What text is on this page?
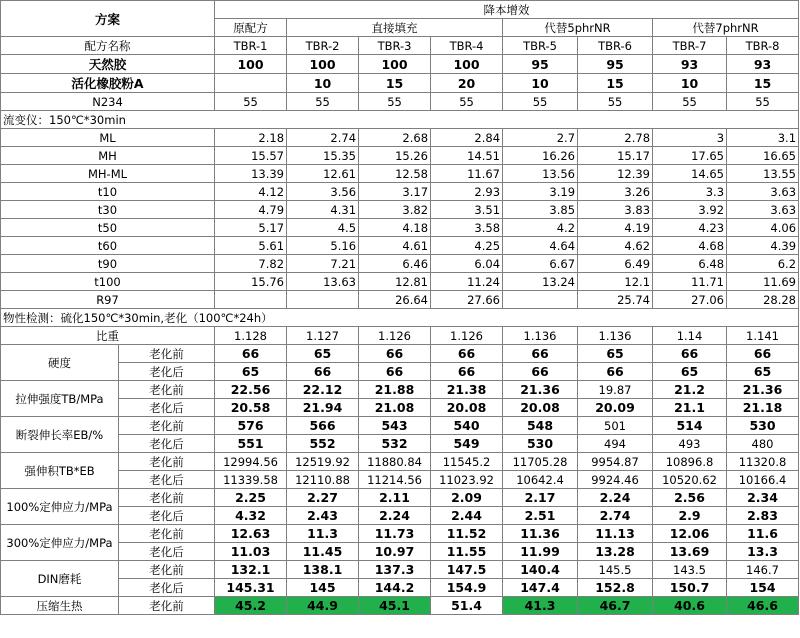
方案		降本增效							
		原配方	直接填充			代替5phrNR		代替7phrNR	
配方名称		TBR-1	TBR-2	TBR-3	TBR-4	TBR-5	TBR-6	TBR-7	TBR-8
天然胶		100	100	100	100	95	95	93	93
活化橡胶粉A			10	15	20	10	15	10	15
N234		55	55	55	55	55	55	55	55
流变仪：150℃*30min									
ML		2.18	2.74	2.68	2.84	2.7	2.78	3	3.1
MH		15.57	15.35	15.26	14.51	16.26	15.17	17.65	16.65
MH-ML		13.39	12.61	12.58	11.67	13.56	12.39	14.65	13.55
t10		4.12	3.56	3.17	2.93	3.19	3.26	3.3	3.63
t30		4.79	4.31	3.82	3.51	3.85	3.83	3.92	3.63
t50		5.17	4.5	4.18	3.58	4.2	4.19	4.23	4.06
t60		5.61	5.16	4.61	4.25	4.64	4.62	4.68	4.39
t90		7.82	7.21	6.46	6.04	6.67	6.49	6.48	6.2
t100		15.76	13.63	12.81	11.24	13.24	12.1	11.71	11.69
R97				26.64	27.66		25.74	27.06	28.28
物性检测：硫化150℃*30min,老化（100℃*24h）									
比重		1.128	1.127	1.126	1.126	1.136	1.136	1.14	1.141
硬度	老化前	66	65	66	66	66	65	66	66
	老化后	65	66	66	66	66	66	65	65
拉伸强度TB/MPa	老化前	22.56	22.12	21.88	21.38	21.36	19.87	21.2	21.36
	老化后	20.58	21.94	21.08	20.08	20.08	20.09	21.1	21.18
断裂伸长率EB/%	老化前	576	566	543	540	548	501	514	530
	老化后	551	552	532	549	530	494	493	480
强伸积TB*EB	老化前	12994.56	12519.92	11880.84	11545.2	11705.28	9954.87	10896.8	11320.8
	老化后	11339.58	12110.88	11214.56	11023.92	10642.4	9924.46	10520.62	10166.4
100%定伸应力/MPa	老化前	2.25	2.27	2.11	2.09	2.17	2.24	2.56	2.34
	老化后	4.32	2.43	2.24	2.44	2.51	2.74	2.9	2.83
300%定伸应力/MPa	老化前	12.63	11.3	11.73	11.52	11.36	11.13	12.06	11.6
	老化后	11.03	11.45	10.97	11.55	11.99	13.28	13.69	13.3
DIN磨耗	老化前	132.1	138.1	137.3	147.5	140.4	145.5	143.5	146.7
	老化后	145.31	145	144.2	154.9	147.4	152.8	150.7	154
压缩生热	老化前	45.2	44.9	45.1	51.4	41.3	46.7	40.6	46.6
